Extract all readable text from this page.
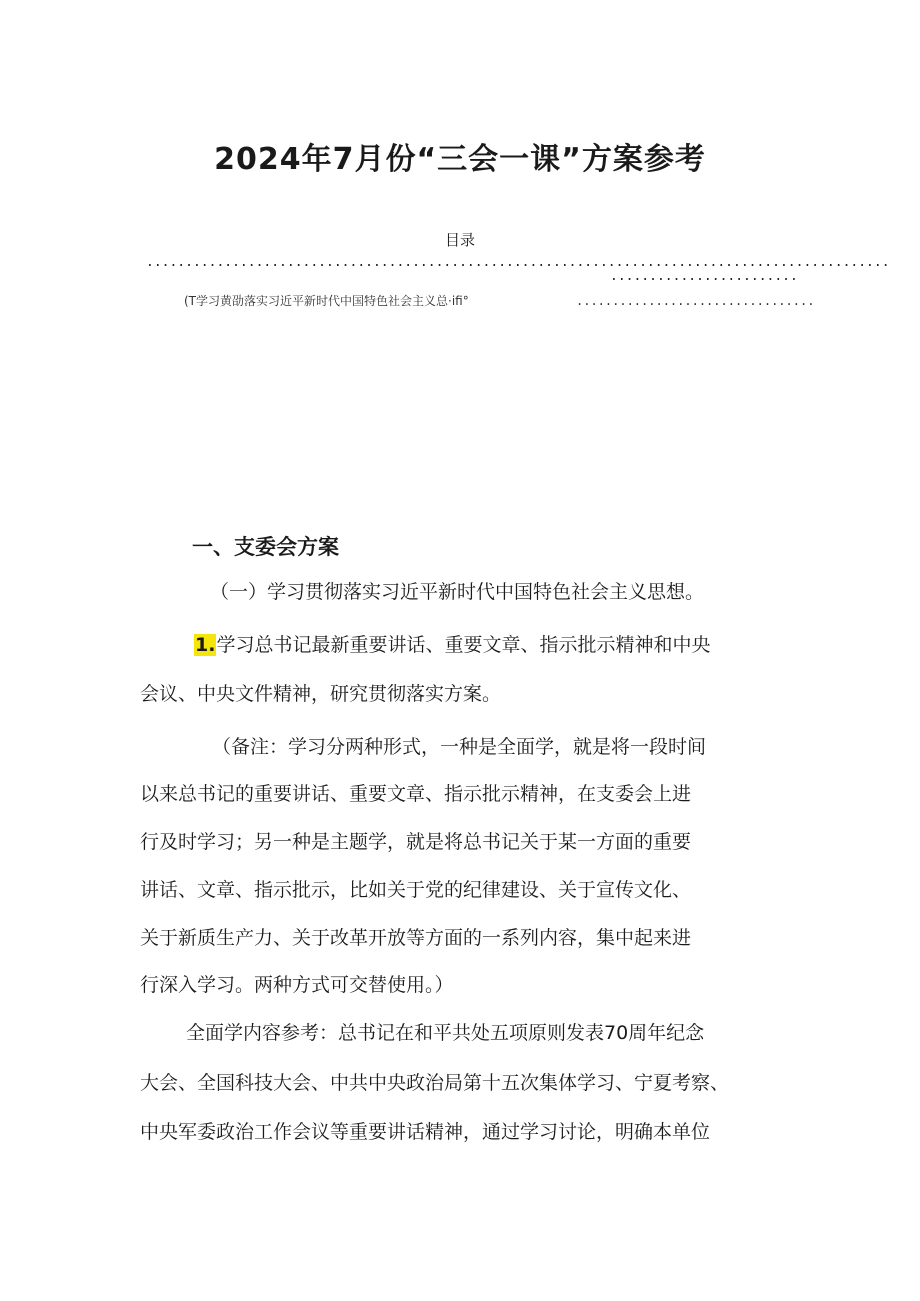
2024年7月份“三会一课”方案参考
目录
...............................................................................................
........................
(T学习黄劭落实习近平新时代中国特色社会主义总·ifi°	.................................
一、支委会方案
（一）学习贯彻落实习近平新时代中国特色社会主义思想。
1.学习总书记最新重要讲话、重要文章、指示批示精神和中央
会议、中央文件精神，研究贯彻落实方案。
（备注：学习分两种形式，一种是全面学，就是将一段时间
以来总书记的重要讲话、重要文章、指示批示精神，在支委会上进
行及时学习；另一种是主题学，就是将总书记关于某一方面的重要
讲话、文章、指示批示，比如关于党的纪律建设、关于宣传文化、
关于新质生产力、关于改革开放等方面的一系列内容，集中起来进
行深入学习。两种方式可交替使用。）
全面学内容参考：总书记在和平共处五项原则发表70周年纪念
大会、全国科技大会、中共中央政治局第十五次集体学习、宁夏考察、
中央军委政治工作会议等重要讲话精神，通过学习讨论，明确本单位
